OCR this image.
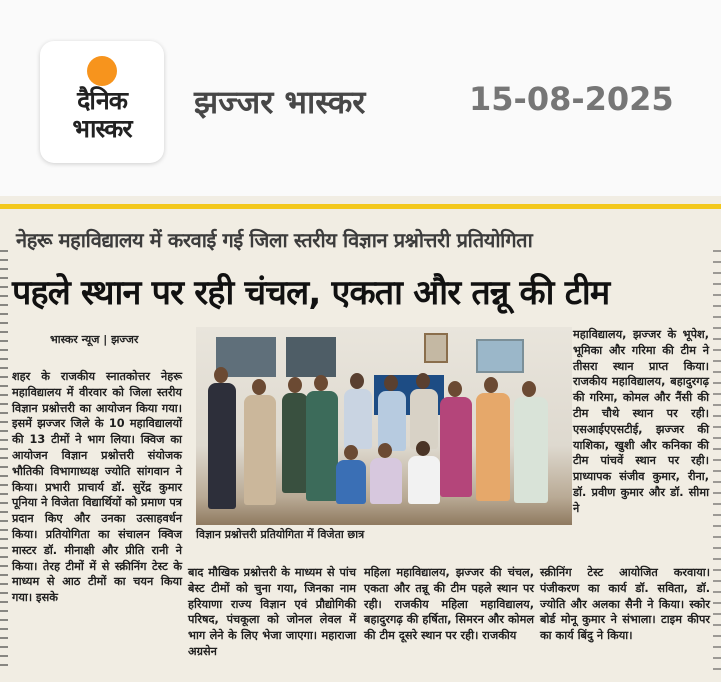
दैनिक
भास्कर
झज्जर भास्कर	15-08-2025
नेहरू महाविद्यालय में करवाई गई जिला स्तरीय विज्ञान प्रश्नोत्तरी प्रतियोगिता
पहले स्थान पर रही चंचल, एकता और तन्नू की टीम
भास्कर न्यूज | झज्जर
विज्ञान प्रश्नोत्तरी प्रतियोगिता में विजेता छात्र

शहर के राजकीय स्नातकोत्तर नेहरू महाविद्यालय में वीरवार को जिला स्तरीय विज्ञान प्रश्नोत्तरी का आयोजन किया गया। इसमें झज्जर जिले के 10 महाविद्यालयों की 13 टीमों ने भाग लिया। क्विज का आयोजन विज्ञान प्रश्नोत्तरी संयोजक भौतिकी विभागाध्यक्ष ज्योति सांगवान ने किया। प्रभारी प्राचार्य डॉ. सुरेंद्र कुमार पूनिया ने विजेता विद्यार्थियों को प्रमाण पत्र प्रदान किए और उनका उत्साहवर्धन किया। प्रतियोगिता का संचालन क्विज मास्टर डॉ. मीनाक्षी और प्रीति रानी ने किया। तेरह टीमों में से स्क्रीनिंग टेस्ट के माध्यम से आठ टीमों का चयन किया गया। इसके

बाद मौखिक प्रश्नोत्तरी के माध्यम से पांच बेस्ट टीमों को चुना गया, जिनका नाम हरियाणा राज्य विज्ञान एवं प्रौद्योगिकी परिषद, पंचकूला को जोनल लेवल में भाग लेने के लिए भेजा जाएगा। महाराजा अग्रसेन

महिला महाविद्यालय, झज्जर की चंचल, एकता और तन्नू की टीम पहले स्थान पर रही। राजकीय महिला महाविद्यालय, बहादुरगढ़ की हर्षिता, सिमरन और कोमल की टीम दूसरे स्थान पर रही। राजकीय

महाविद्यालय, झज्जर के भूपेश, भूमिका और गरिमा की टीम ने तीसरा स्थान प्राप्त किया। राजकीय महाविद्यालय, बहादुरगढ़ की गरिमा, कोमल और नैंसी की टीम चौथे स्थान पर रही। एसआईएएसटीई, झज्जर की याशिका, खुशी और कनिका की टीम पांचवें स्थान पर रही। प्राध्यापक संजीव कुमार, रीना, डॉ. प्रवीण कुमार और डॉ. सीमा ने

स्क्रीनिंग टेस्ट आयोजित करवाया। पंजीकरण का कार्य डॉ. सविता, डॉ. ज्योति और अलका सैनी ने किया। स्कोर बोर्ड मोनू कुमार ने संभाला। टाइम कीपर का कार्य बिंदु ने किया।
